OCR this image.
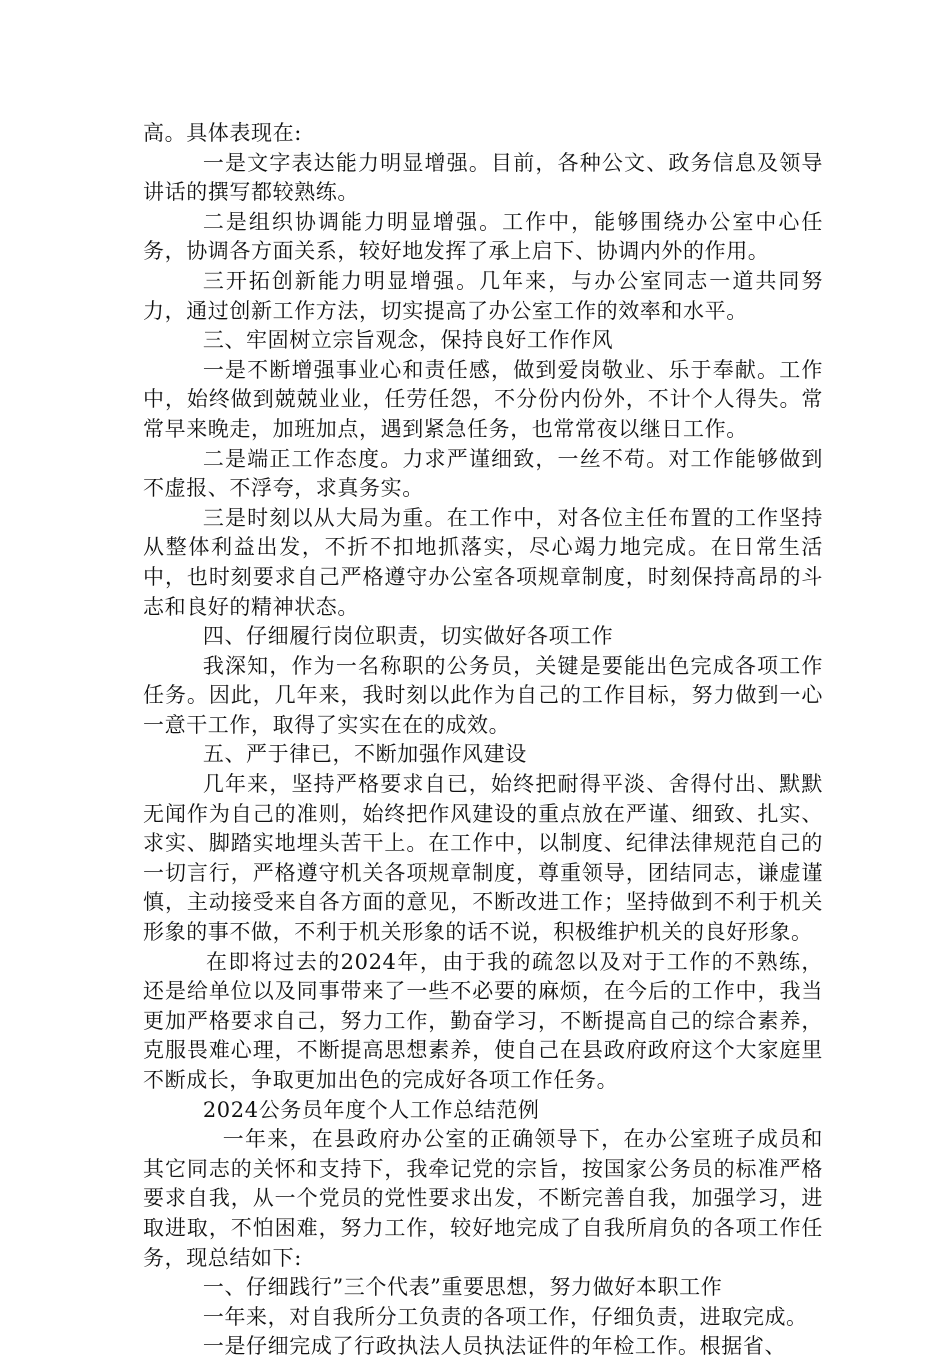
高。具体表现在:

一是文字表达能力明显增强。目前，各种公文、政务信息及领导讲话的撰写都较熟练。

二是组织协调能力明显增强。工作中，能够围绕办公室中心任务，协调各方面关系，较好地发挥了承上启下、协调内外的作用。

三开拓创新能力明显增强。几年来，与办公室同志一道共同努力，通过创新工作方法，切实提高了办公室工作的效率和水平。

三、牢固树立宗旨观念，保持良好工作作风

一是不断增强事业心和责任感，做到爱岗敬业、乐于奉献。工作中，始终做到兢兢业业，任劳任怨，不分份内份外，不计个人得失。常常早来晚走，加班加点，遇到紧急任务，也常常夜以继日工作。

二是端正工作态度。力求严谨细致，一丝不苟。对工作能够做到不虚报、不浮夸，求真务实。

三是时刻以从大局为重。在工作中，对各位主任布置的工作坚持从整体利益出发，不折不扣地抓落实，尽心竭力地完成。在日常生活中，也时刻要求自己严格遵守办公室各项规章制度，时刻保持高昂的斗志和良好的精神状态。

四、仔细履行岗位职责，切实做好各项工作

我深知，作为一名称职的公务员，关键是要能出色完成各项工作任务。因此，几年来，我时刻以此作为自己的工作目标，努力做到一心一意干工作，取得了实实在在的成效。

五、严于律已，不断加强作风建设

几年来，坚持严格要求自已，始终把耐得平淡、舍得付出、默默无闻作为自己的准则，始终把作风建设的重点放在严谨、细致、扎实、求实、脚踏实地埋头苦干上。在工作中，以制度、纪律法律规范自己的一切言行，严格遵守机关各项规章制度，尊重领导，团结同志，谦虚谨慎，主动接受来自各方面的意见，不断改进工作；坚持做到不利于机关形象的事不做，不利于机关形象的话不说，积极维护机关的良好形象。

在即将过去的2024年，由于我的疏忽以及对于工作的不熟练，还是给单位以及同事带来了一些不必要的麻烦，在今后的工作中，我当更加严格要求自己，努力工作，勤奋学习，不断提高自己的综合素养，克服畏难心理，不断提高思想素养，使自己在县政府政府这个大家庭里不断成长，争取更加出色的完成好各项工作任务。

2024公务员年度个人工作总结范例

一年来，在县政府办公室的正确领导下，在办公室班子成员和其它同志的关怀和支持下，我牵记党的宗旨，按国家公务员的标准严格要求自我，从一个党员的党性要求出发，不断完善自我，加强学习，进取进取，不怕困难，努力工作，较好地完成了自我所肩负的各项工作任务，现总结如下:

一、仔细践行”三个代表”重要思想，努力做好本职工作

一年来，对自我所分工负责的各项工作，仔细负责，进取完成。

一是仔细完成了行政执法人员执法证件的年检工作。根据省、
